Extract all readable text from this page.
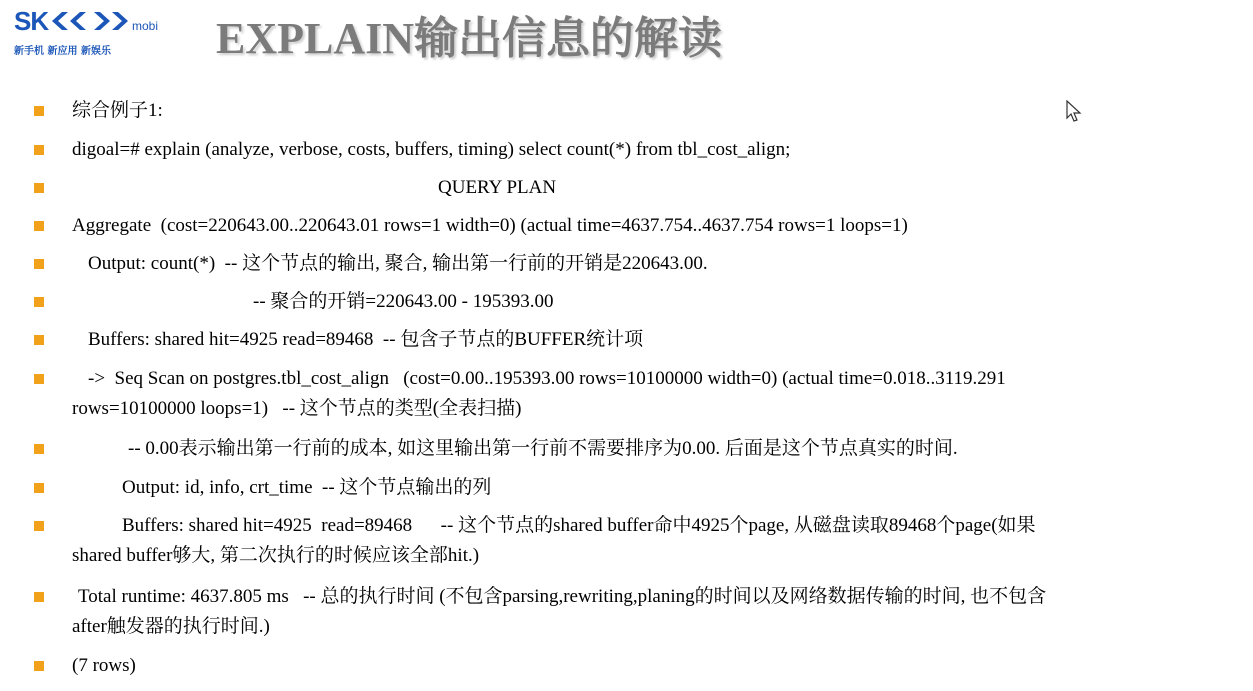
SK	mobi
新手机 新应用 新娱乐 EXPLAIN输出信息的解读
综合例子1:
digoal=# explain (analyze, verbose, costs, buffers, timing) select count(*) from tbl_cost_align;
QUERY PLAN
Aggregate  (cost=220643.00..220643.01 rows=1 width=0) (actual time=4637.754..4637.754 rows=1 loops=1)
Output: count(*)  -- 这个节点的输出, 聚合, 输出第一行前的开销是220643.00.
-- 聚合的开销=220643.00 - 195393.00
Buffers: shared hit=4925 read=89468  -- 包含子节点的BUFFER统计项
->  Seq Scan on postgres.tbl_cost_align   (cost=0.00..195393.00 rows=10100000 width=0) (actual time=0.018..3119.291
rows=10100000 loops=1)   -- 这个节点的类型(全表扫描)
-- 0.00表示输出第一行前的成本, 如这里输出第一行前不需要排序为0.00. 后面是这个节点真实的时间.
Output: id, info, crt_time  -- 这个节点输出的列
Buffers: shared hit=4925  read=89468      -- 这个节点的shared buffer命中4925个page, 从磁盘读取89468个page(如果
shared buffer够大, 第二次执行的时候应该全部hit.)
Total runtime: 4637.805 ms   -- 总的执行时间 (不包含parsing,rewriting,planing的时间以及网络数据传输的时间, 也不包含
after触发器的执行时间.)
(7 rows)
